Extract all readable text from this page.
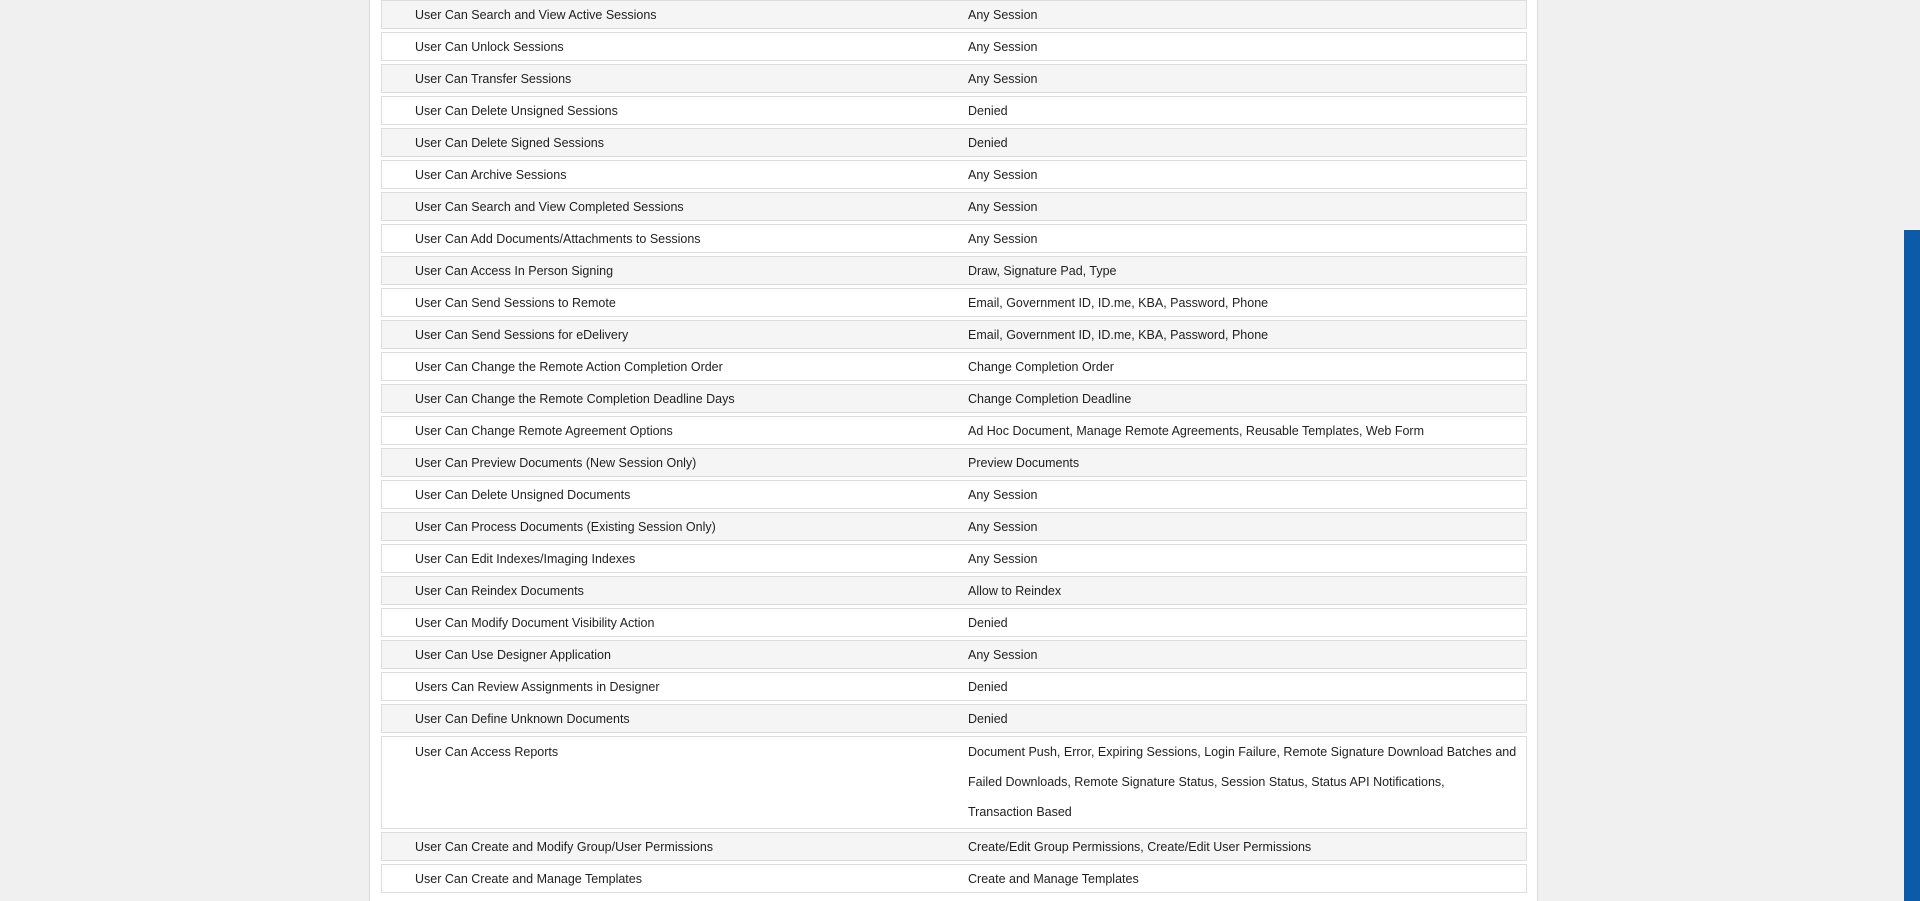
User Can Search and View Active Sessions	Any Session
User Can Unlock Sessions	Any Session
User Can Transfer Sessions	Any Session
User Can Delete Unsigned Sessions	Denied
User Can Delete Signed Sessions	Denied
User Can Archive Sessions	Any Session
User Can Search and View Completed Sessions	Any Session
User Can Add Documents/Attachments to Sessions	Any Session
User Can Access In Person Signing	Draw, Signature Pad, Type
User Can Send Sessions to Remote	Email, Government ID, ID.me, KBA, Password, Phone
User Can Send Sessions for eDelivery	Email, Government ID, ID.me, KBA, Password, Phone
User Can Change the Remote Action Completion Order	Change Completion Order
User Can Change the Remote Completion Deadline Days	Change Completion Deadline
User Can Change Remote Agreement Options	Ad Hoc Document, Manage Remote Agreements, Reusable Templates, Web Form
User Can Preview Documents (New Session Only)	Preview Documents
User Can Delete Unsigned Documents	Any Session
User Can Process Documents (Existing Session Only)	Any Session
User Can Edit Indexes/Imaging Indexes	Any Session
User Can Reindex Documents	Allow to Reindex
User Can Modify Document Visibility Action	Denied
User Can Use Designer Application	Any Session
Users Can Review Assignments in Designer	Denied
User Can Define Unknown Documents	Denied
User Can Access Reports	Document Push, Error, Expiring Sessions, Login Failure, Remote Signature Download Batches and
Failed Downloads, Remote Signature Status, Session Status, Status API Notifications,
Transaction Based
User Can Create and Modify Group/User Permissions	Create/Edit Group Permissions, Create/Edit User Permissions
User Can Create and Manage Templates	Create and Manage Templates
